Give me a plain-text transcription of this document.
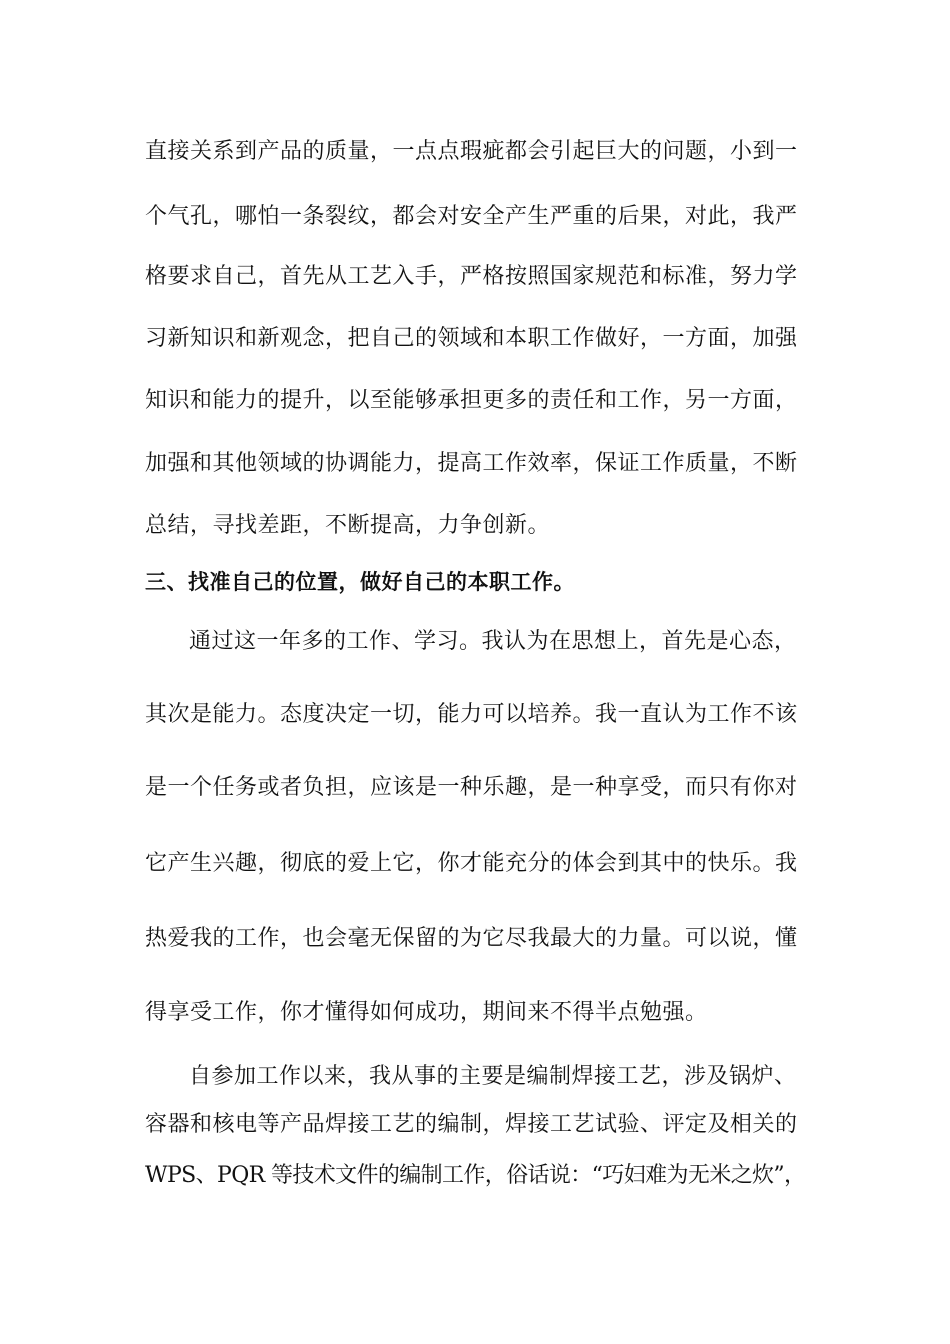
直接关系到产品的质量，一点点瑕疵都会引起巨大的问题，小到一
个气孔，哪怕一条裂纹，都会对安全产生严重的后果，对此，我严
格要求自己，首先从工艺入手，严格按照国家规范和标准，努力学
习新知识和新观念，把自己的领域和本职工作做好，一方面，加强
知识和能力的提升，以至能够承担更多的责任和工作，另一方面，
加强和其他领域的协调能力，提高工作效率，保证工作质量，不断
总结，寻找差距，不断提高，力争创新。
三、找准自己的位置，做好自己的本职工作。
通过这一年多的工作、学习。我认为在思想上，首先是心态，
其次是能力。态度决定一切，能力可以培养。我一直认为工作不该
是一个任务或者负担，应该是一种乐趣，是一种享受，而只有你对
它产生兴趣，彻底的爱上它，你才能充分的体会到其中的快乐。我
热爱我的工作，也会毫无保留的为它尽我最大的力量。可以说，懂
得享受工作，你才懂得如何成功，期间来不得半点勉强。
自参加工作以来，我从事的主要是编制焊接工艺，涉及锅炉、
容器和核电等产品焊接工艺的编制，焊接工艺试验、评定及相关的
WPS、PQR 等技术文件的编制工作，俗话说：“巧妇难为无米之炊”，
